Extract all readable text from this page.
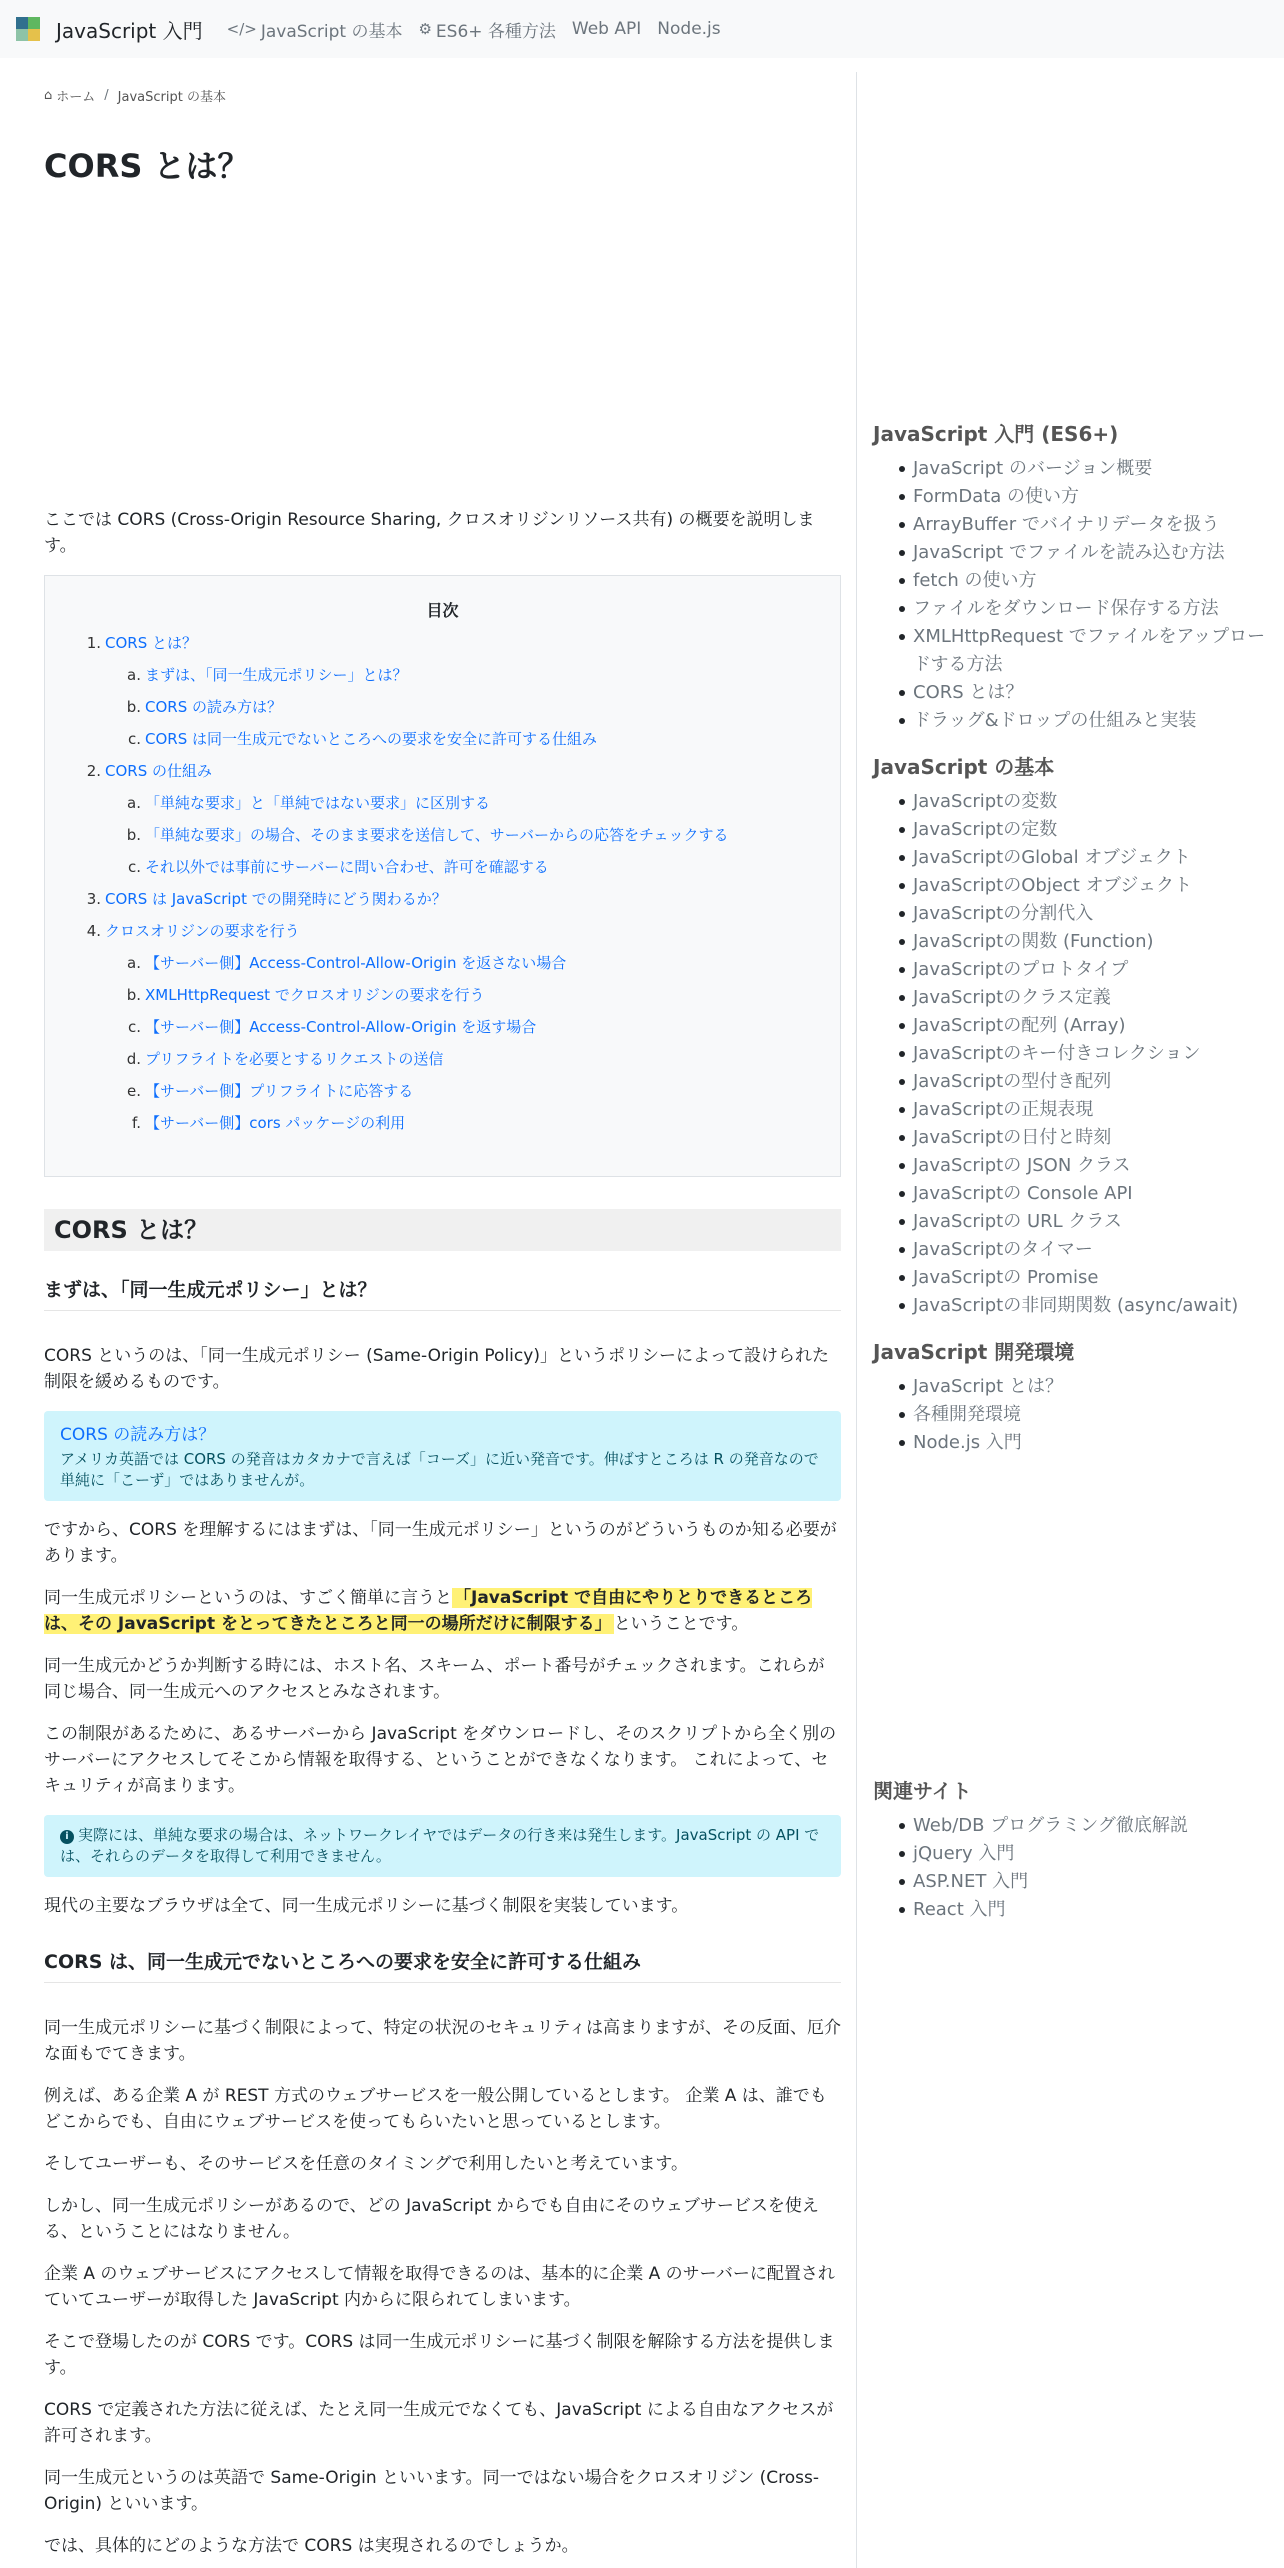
JavaScript 入門 </> JavaScript の基本 ⚙ ES6+ 各種方法 Web API Node.js
⌂ ホーム / JavaScript の基本
CORS とは？

ここでは CORS (Cross-Origin Resource Sharing, クロスオリジンリソース共有) の概要を説明します。

目次
1. CORS とは？
a. まずは、「同一生成元ポリシー」とは？
b. CORS の読み方は？
c. CORS は同一生成元でないところへの要求を安全に許可する仕組み
2. CORS の仕組み
a. 「単純な要求」と「単純ではない要求」に区別する
b. 「単純な要求」の場合、そのまま要求を送信して、サーバーからの応答をチェックする
c. それ以外では事前にサーバーに問い合わせ、許可を確認する
3. CORS は JavaScript での開発時にどう関わるか？
4. クロスオリジンの要求を行う
a. 【サーバー側】Access-Control-Allow-Origin を返さない場合
b. XMLHttpRequest でクロスオリジンの要求を行う
c. 【サーバー側】Access-Control-Allow-Origin を返す場合
d. プリフライトを必要とするリクエストの送信
e. 【サーバー側】プリフライトに応答する
f. 【サーバー側】cors パッケージの利用
CORS とは？
まずは、「同一生成元ポリシー」とは？

CORS というのは、「同一生成元ポリシー (Same-Origin Policy)」というポリシーによって設けられた制限を緩めるものです。

CORS の読み方は？
アメリカ英語では CORS の発音はカタカナで言えば「コーズ」に近い発音です。伸ばすところは R の発音なので単純に「こーず」ではありませんが。

ですから、CORS を理解するにはまずは、「同一生成元ポリシー」というのがどういうものか知る必要があります。

同一生成元ポリシーというのは、すごく簡単に言うと 「JavaScript で自由にやりとりできるところは、その JavaScript をとってきたところと同一の場所だけに制限する」 ということです。

同一生成元かどうか判断する時には、ホスト名、スキーム、ポート番号がチェックされます。これらが同じ場合、同一生成元へのアクセスとみなされます。

この制限があるために、あるサーバーから JavaScript をダウンロードし、そのスクリプトから全く別のサーバーにアクセスしてそこから情報を取得する、ということができなくなります。 これによって、セキュリティが高まります。

i 実際には、単純な要求の場合は、ネットワークレイヤではデータの行き来は発生します。JavaScript の API では、それらのデータを取得して利用できません。

現代の主要なブラウザは全て、同一生成元ポリシーに基づく制限を実装しています。

CORS は、同一生成元でないところへの要求を安全に許可する仕組み

同一生成元ポリシーに基づく制限によって、特定の状況のセキュリティは高まりますが、その反面、厄介な面もでてきます。

例えば、ある企業 A が REST 方式のウェブサービスを一般公開しているとします。 企業 A は、誰でもどこからでも、自由にウェブサービスを使ってもらいたいと思っているとします。

そしてユーザーも、そのサービスを任意のタイミングで利用したいと考えています。

しかし、同一生成元ポリシーがあるので、どの JavaScript からでも自由にそのウェブサービスを使える、ということにはなりません。

企業 A のウェブサービスにアクセスして情報を取得できるのは、基本的に企業 A のサーバーに配置されていてユーザーが取得した JavaScript 内からに限られてしまいます。

そこで登場したのが CORS です。CORS は同一生成元ポリシーに基づく制限を解除する方法を提供します。

CORS で定義された方法に従えば、たとえ同一生成元でなくても、JavaScript による自由なアクセスが許可されます。

同一生成元というのは英語で Same-Origin といいます。同一ではない場合をクロスオリジン (Cross-Origin) といいます。

では、具体的にどのような方法で CORS は実現されるのでしょうか。

JavaScript 入門 (ES6+)
JavaScript のバージョン概要
FormData の使い方
ArrayBuffer でバイナリデータを扱う
JavaScript でファイルを読み込む方法
fetch の使い方
ファイルをダウンロード保存する方法
XMLHttpRequest でファイルをアップロードする方法
CORS とは？
ドラッグ&ドロップの仕組みと実装
JavaScript の基本
JavaScriptの変数
JavaScriptの定数
JavaScriptのGlobal オブジェクト
JavaScriptのObject オブジェクト
JavaScriptの分割代入
JavaScriptの関数 (Function)
JavaScriptのプロトタイプ
JavaScriptのクラス定義
JavaScriptの配列 (Array)
JavaScriptのキー付きコレクション
JavaScriptの型付き配列
JavaScriptの正規表現
JavaScriptの日付と時刻
JavaScriptの JSON クラス
JavaScriptの Console API
JavaScriptの URL クラス
JavaScriptのタイマー
JavaScriptの Promise
JavaScriptの非同期関数 (async/await)
JavaScript 開発環境
JavaScript とは？
各種開発環境
Node.js 入門
関連サイト
Web/DB プログラミング徹底解説
jQuery 入門
ASP.NET 入門
React 入門
